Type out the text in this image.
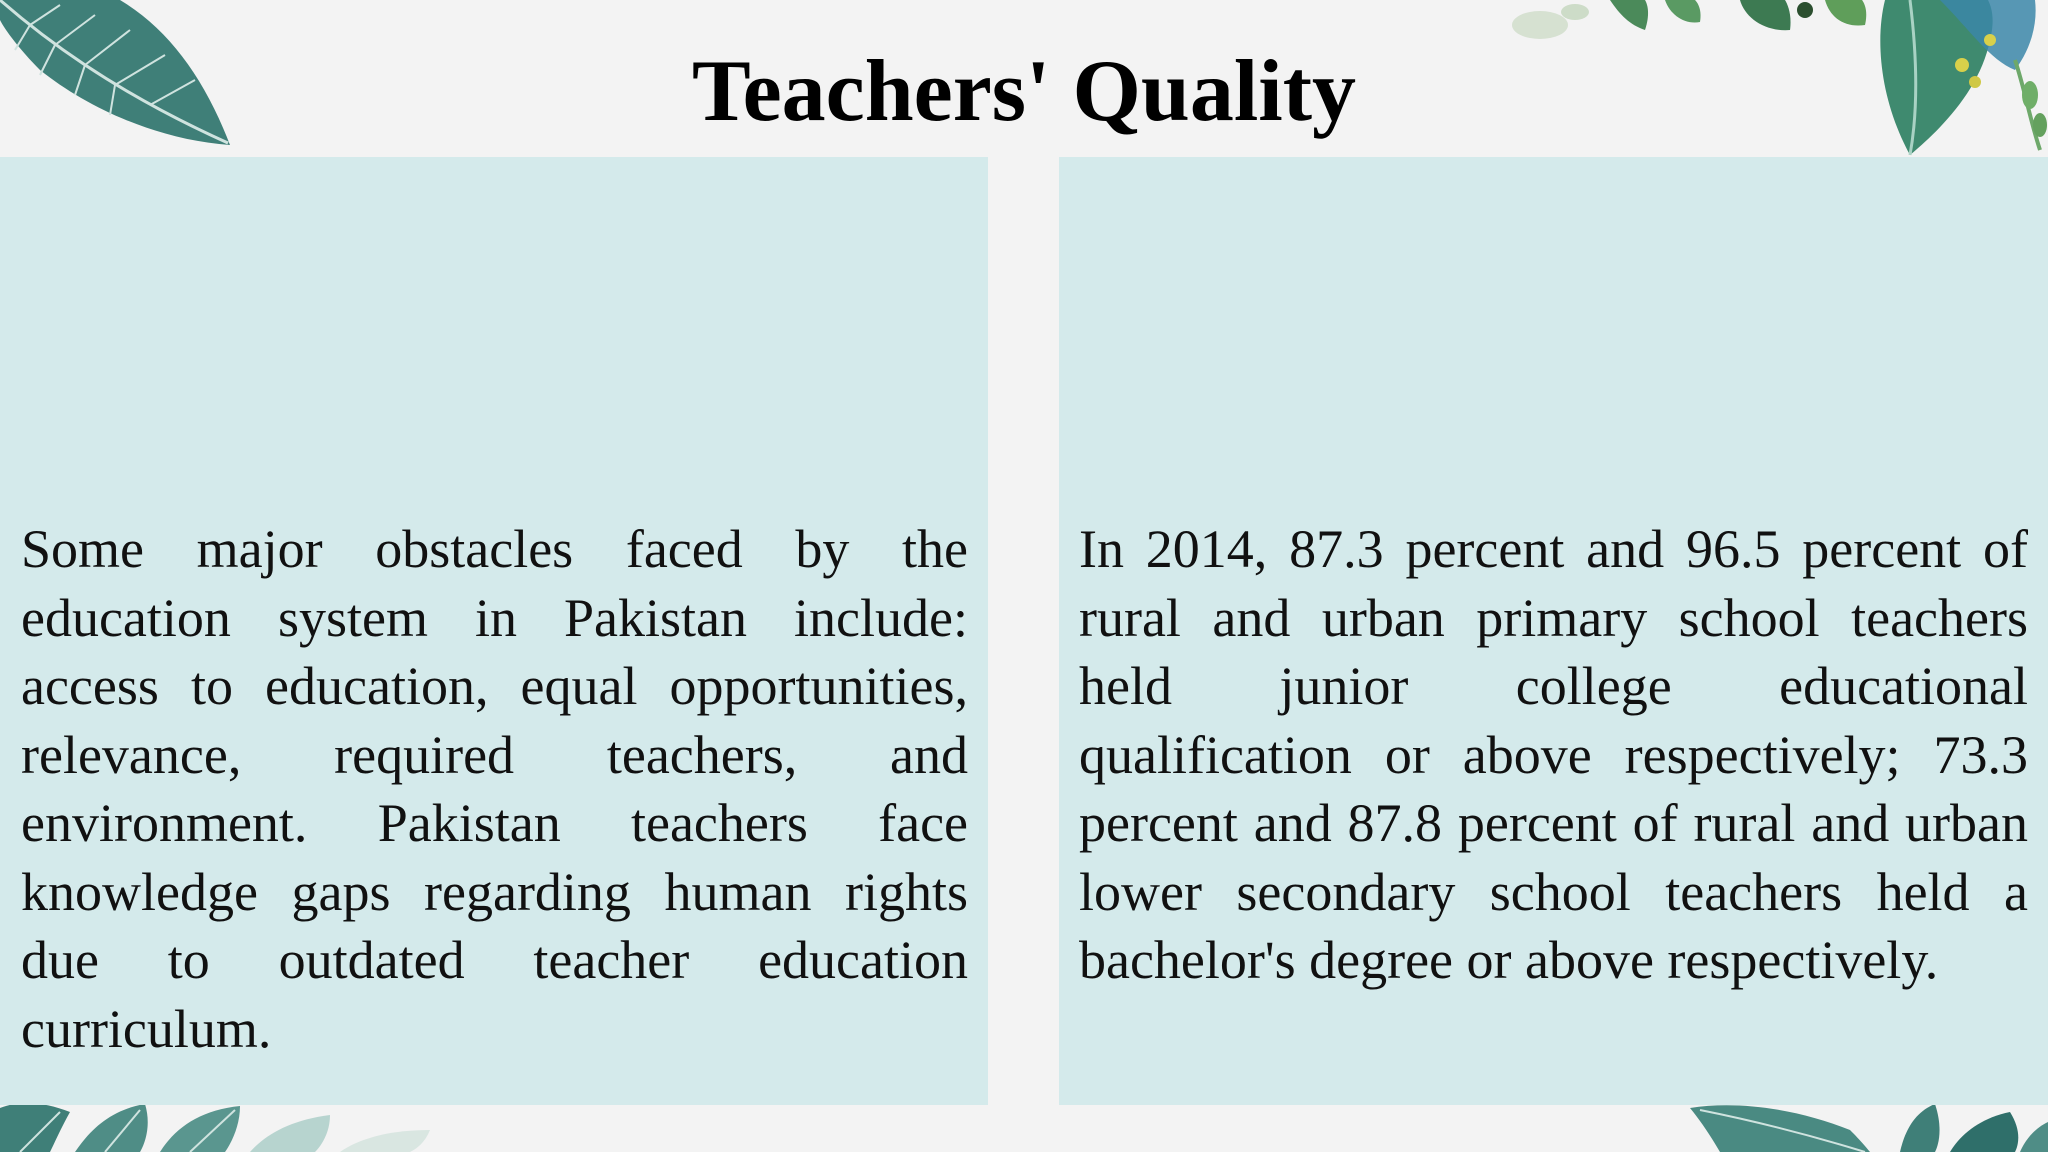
Teachers' Quality

Some major obstacles faced by the education system in Pakistan include: access to education, equal opportunities, relevance, required teachers, and environment. Pakistan teachers face knowledge gaps regarding human rights due to outdated teacher education curriculum.

In 2014, 87.3 percent and 96.5 percent of rural and urban primary school teachers held junior college educational qualification or above respectively; 73.3 percent and 87.8 percent of rural and urban lower secondary school teachers held a bachelor's degree or above respectively.
